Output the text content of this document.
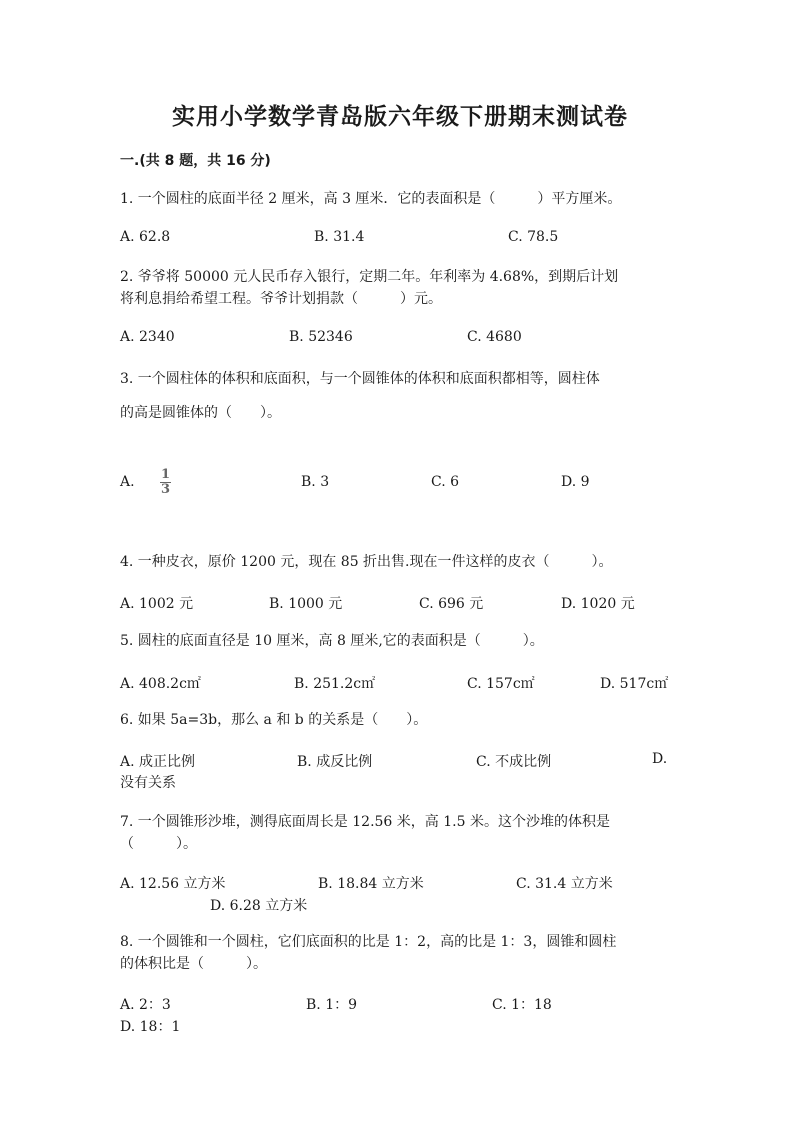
实用小学数学青岛版六年级下册期末测试卷
一.(共 8 题，共 16 分)
1. 一个圆柱的底面半径 2 厘米，高 3 厘米．它的表面积是（　　　）平方厘米。
A. 62.8	B. 31.4	C. 78.5
2. 爷爷将 50000 元人民币存入银行，定期二年。年利率为 4.68%，到期后计划
将利息捐给希望工程。爷爷计划捐款（　　　）元。
A. 2340	B. 52346	C. 4680
3. 一个圆柱体的体积和底面积，与一个圆锥体的体积和底面积都相等，圆柱体
的高是圆锥体的（　　）。
A. $\frac{1}{3}$	B. 3	C. 6	D. 9
4. 一种皮衣，原价 1200 元，现在 85 折出售.现在一件这样的皮衣（　　　）。
A. 1002 元	B. 1000 元	C. 696 元	D. 1020 元
5. 圆柱的底面直径是 10 厘米，高 8 厘米,它的表面积是（　　　）。
A. 408.2c㎡	B. 251.2c㎡	C. 157c㎡	D. 517c㎡
6. 如果 5a=3b，那么 a 和 b 的关系是（　　）。
A. 成正比例	B. 成反比例	C. 不成比例	D.
没有关系
7. 一个圆锥形沙堆，测得底面周长是 12.56 米，高 1.5 米。这个沙堆的体积是
（　　　）。
A. 12.56 立方米	B. 18.84 立方米	C. 31.4 立方米
D. 6.28 立方米
8. 一个圆锥和一个圆柱，它们底面积的比是 1：2，高的比是 1：3，圆锥和圆柱
的体积比是（　　　）。
A. 2：3	B. 1：9	C. 1：18
D. 18：1
